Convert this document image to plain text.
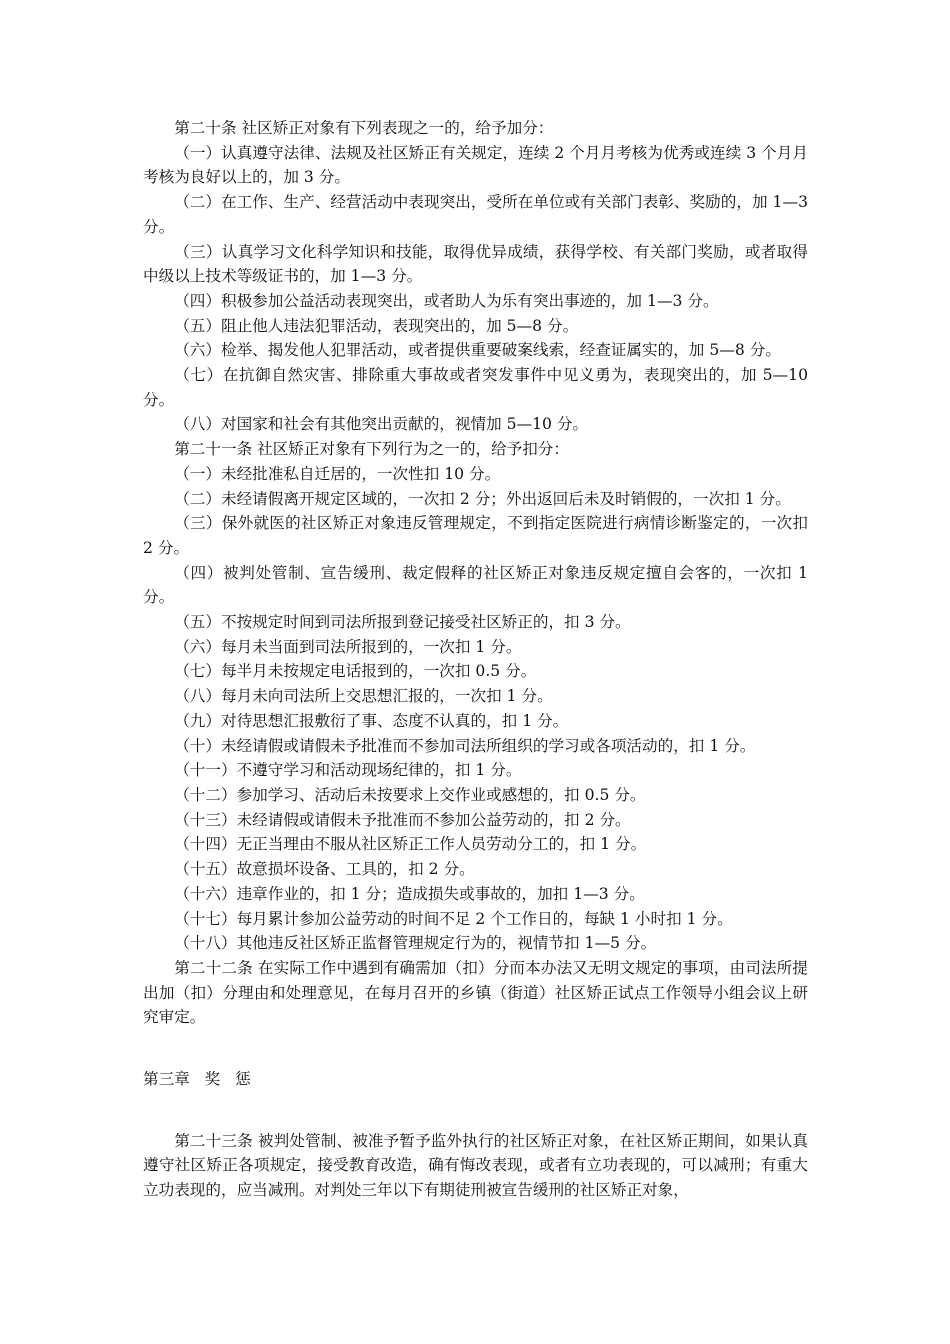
第二十条 社区矫正对象有下列表现之一的，给予加分：

（一）认真遵守法律、法规及社区矫正有关规定，连续 2 个月月考核为优秀或连续 3 个月月考核为良好以上的，加 3 分。

（二）在工作、生产、经营活动中表现突出，受所在单位或有关部门表彰、奖励的，加 1—3 分。

（三）认真学习文化科学知识和技能，取得优异成绩，获得学校、有关部门奖励，或者取得中级以上技术等级证书的，加 1—3 分。

（四）积极参加公益活动表现突出，或者助人为乐有突出事迹的，加 1—3 分。

（五）阻止他人违法犯罪活动，表现突出的，加 5—8 分。

（六）检举、揭发他人犯罪活动，或者提供重要破案线索，经查证属实的，加 5—8 分。

（七）在抗御自然灾害、排除重大事故或者突发事件中见义勇为，表现突出的，加 5—10 分。

（八）对国家和社会有其他突出贡献的，视情加 5—10 分。

第二十一条 社区矫正对象有下列行为之一的，给予扣分：

（一）未经批准私自迁居的，一次性扣 10 分。

（二）未经请假离开规定区域的，一次扣 2 分；外出返回后未及时销假的，一次扣 1 分。

（三）保外就医的社区矫正对象违反管理规定，不到指定医院进行病情诊断鉴定的，一次扣 2 分。

（四）被判处管制、宣告缓刑、裁定假释的社区矫正对象违反规定擅自会客的，一次扣 1 分。

（五）不按规定时间到司法所报到登记接受社区矫正的，扣 3 分。

（六）每月未当面到司法所报到的，一次扣 1 分。

（七）每半月未按规定电话报到的，一次扣 0.5 分。

（八）每月未向司法所上交思想汇报的，一次扣 1 分。

（九）对待思想汇报敷衍了事、态度不认真的，扣 1 分。

（十）未经请假或请假未予批准而不参加司法所组织的学习或各项活动的，扣 1 分。

（十一）不遵守学习和活动现场纪律的，扣 1 分。

（十二）参加学习、活动后未按要求上交作业或感想的，扣 0.5 分。

（十三）未经请假或请假未予批准而不参加公益劳动的，扣 2 分。

（十四）无正当理由不服从社区矫正工作人员劳动分工的，扣 1 分。

（十五）故意损坏设备、工具的，扣 2 分。

（十六）违章作业的，扣 1 分；造成损失或事故的，加扣 1—3 分。

（十七）每月累计参加公益劳动的时间不足 2 个工作日的，每缺 1 小时扣 1 分。

（十八）其他违反社区矫正监督管理规定行为的，视情节扣 1—5 分。

第二十二条 在实际工作中遇到有确需加（扣）分而本办法又无明文规定的事项，由司法所提出加（扣）分理由和处理意见，在每月召开的乡镇（街道）社区矫正试点工作领导小组会议上研究审定。

第三章   奖   惩

第二十三条 被判处管制、被准予暂予监外执行的社区矫正对象，在社区矫正期间，如果认真遵守社区矫正各项规定，接受教育改造，确有悔改表现，或者有立功表现的，可以减刑；有重大立功表现的，应当减刑。对判处三年以下有期徒刑被宣告缓刑的社区矫正对象，
